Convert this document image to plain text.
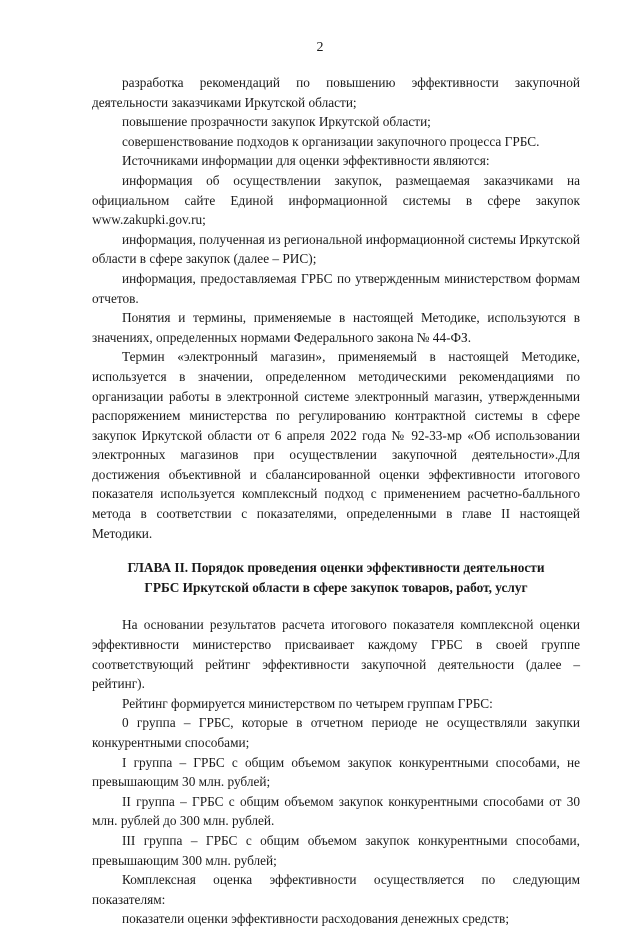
2

разработка рекомендаций по повышению эффективности закупочной деятельности заказчиками Иркутской области;

повышение прозрачности закупок Иркутской области;

совершенствование подходов к организации закупочного процесса ГРБС.

Источниками информации для оценки эффективности являются:

информация об осуществлении закупок, размещаемая заказчиками на официальном сайте Единой информационной системы в сфере закупок www.zakupki.gov.ru;

информация, полученная из региональной информационной системы Иркутской области в сфере закупок (далее – РИС);

информация, предоставляемая ГРБС по утвержденным министерством формам отчетов.

Понятия и термины, применяемые в настоящей Методике, используются в значениях, определенных нормами Федерального закона № 44-ФЗ.

Термин «электронный магазин», применяемый в настоящей Методике, используется в значении, определенном методическими рекомендациями по организации работы в электронной системе электронный магазин, утвержденными распоряжением министерства по регулированию контрактной системы в сфере закупок Иркутской области от 6 апреля 2022 года № 92-33-мр «Об использовании электронных магазинов при осуществлении закупочной деятельности».Для достижения объективной и сбалансированной оценки эффективности итогового показателя используется комплексный подход с применением расчетно-балльного метода в соответствии с показателями, определенными в главе II настоящей Методики.

ГЛАВА II. Порядок проведения оценки эффективности деятельности
ГРБС Иркутской области в сфере закупок товаров, работ, услуг

На основании результатов расчета итогового показателя комплексной оценки эффективности министерство присваивает каждому ГРБС в своей группе соответствующий рейтинг эффективности закупочной деятельности (далее – рейтинг).

Рейтинг формируется министерством по четырем группам ГРБС:

0 группа – ГРБС, которые в отчетном периоде не осуществляли закупки конкурентными способами;

I группа – ГРБС с общим объемом закупок конкурентными способами, не превышающим 30 млн. рублей;

II группа – ГРБС с общим объемом закупок конкурентными способами от 30 млн. рублей до 300 млн. рублей.

III группа – ГРБС с общим объемом закупок конкурентными способами, превышающим 300 млн. рублей;

Комплексная оценка эффективности осуществляется по следующим показателям:

показатели оценки эффективности расходования денежных средств;
